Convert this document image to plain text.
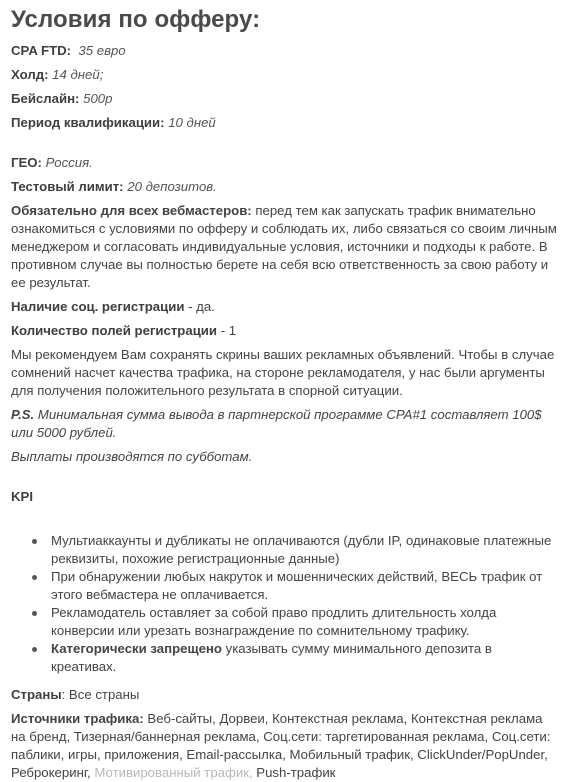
Условия по офферу:

CPA FTD: 35 евро

Холд: 14 дней;

Бейслайн: 500р

Период квалификации: 10 дней

ГЕО: Россия.

Тестовый лимит: 20 депозитов.

Обязательно для всех вебмастеров: перед тем как запускать трафик внимательно ознакомиться с условиями по офферу и соблюдать их, либо связаться со своим личным менеджером и согласовать индивидуальные условия, источники и подходы к работе. В противном случае вы полностью берете на себя всю ответственность за свою работу и ее результат.

Наличие соц. регистрации - да.

Количество полей регистрации - 1

Мы рекомендуем Вам сохранять скрины ваших рекламных объявлений. Чтобы в случае сомнений насчет качества трафика, на стороне рекламодателя, у нас были аргументы для получения положительного результата в спорной ситуации.

P.S. Минимальная сумма вывода в партнерской программе CPA#1 составляет 100$ или 5000 рублей.

Выплаты производятся по субботам.

KPI

Мультиаккаунты и дубликаты не оплачиваются (дубли IP, одинаковые платежные реквизиты, похожие регистрационные данные)
При обнаружении любых накруток и мошеннических действий, ВЕСЬ трафик от этого вебмастера не оплачивается.
Рекламодатель оставляет за собой право продлить длительность холда конверсии или урезать вознаграждение по сомнительному трафику.
Категорически запрещено указывать сумму минимального депозита в креативах.

Страны: Все страны

Источники трафика: Веб-сайты, Дорвеи, Контекстная реклама, Контекстная реклама на бренд, Тизерная/баннерная реклама, Соц.сети: таргетированная реклама, Соц.сети: паблики, игры, приложения, Email-рассылка, Мобильный трафик, ClickUnder/PopUnder, Реброкеринг, Мотивированный трафик, Push-трафик
